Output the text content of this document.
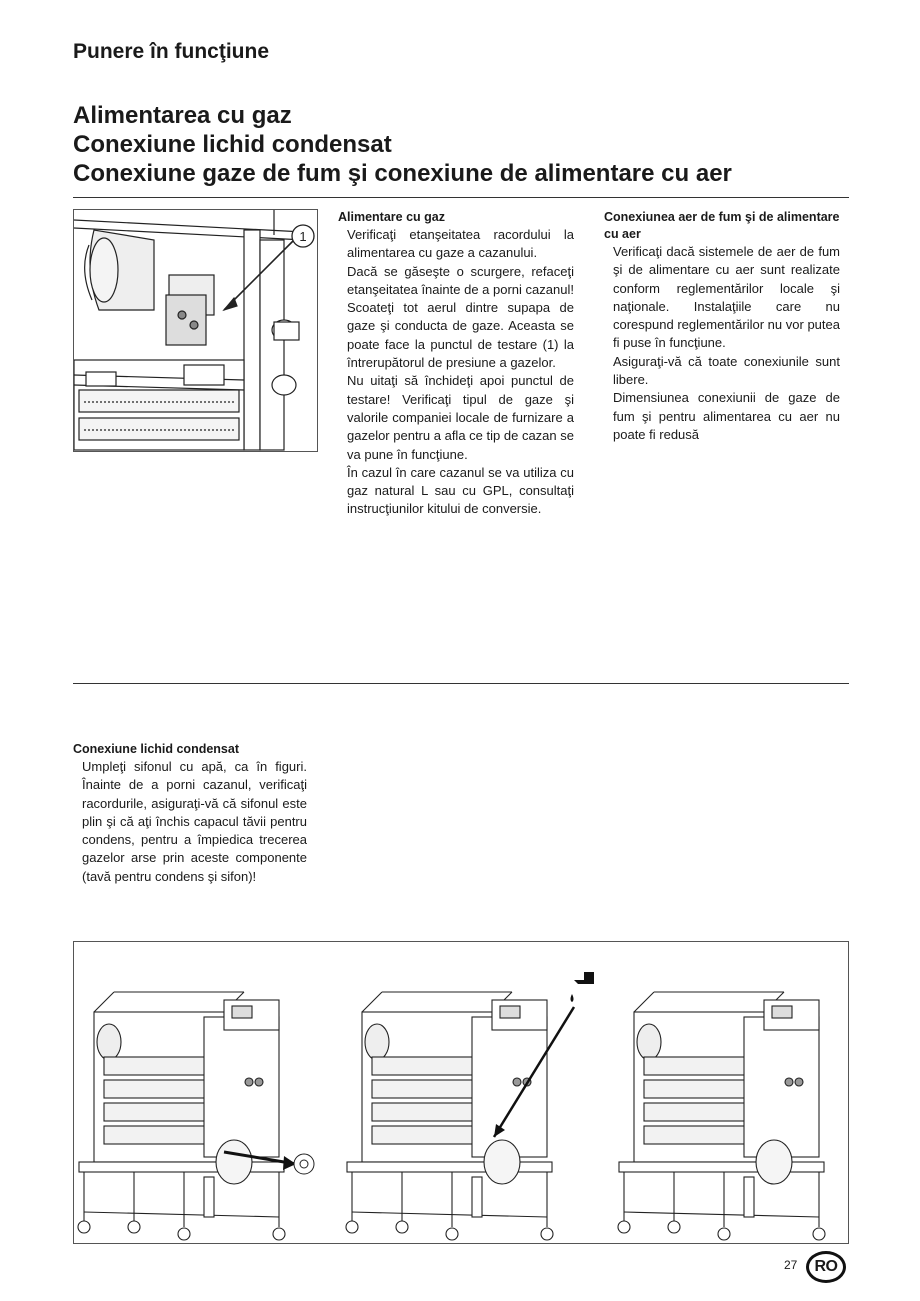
Punere în funcţiune
Alimentarea cu gaz
Conexiune lichid condensat
Conexiune gaze de fum şi conexiune de alimentare cu aer
1
Alimentare cu gaz

Verificaţi etanşeitatea racordului la alimentarea cu gaze a cazanului.

Dacă se găseşte o scurgere, refaceţi etanşeitatea înainte de a porni cazanul!

Scoateţi tot aerul dintre supapa de gaze şi conducta de gaze. Aceasta se poate face la punctul de testare (1) la întrerupătorul de presiune a gazelor.

Nu uitaţi să închideţi apoi punctul de testare! Verificaţi tipul de gaze şi valorile companiei locale de furnizare a gazelor pentru a afla ce tip de cazan se va pune în funcţiune.

În cazul în care cazanul se va utiliza cu gaz natural L sau cu GPL, consultaţi instrucţiunilor kitului de conversie.

Conexiunea aer de fum şi de alimentare cu aer

Verificaţi dacă sistemele de aer de fum şi de alimentare cu aer sunt realizate conform reglementărilor locale şi naţionale. Instalaţiile care nu corespund reglementărilor nu vor putea fi puse în funcţiune.

Asiguraţi-vă că toate conexiunile sunt libere.

Dimensiunea conexiunii de gaze de fum şi pentru alimentarea cu aer nu poate fi redusă

Conexiune lichid condensat

Umpleţi sifonul cu apă, ca în figuri. Înainte de a porni cazanul, verificaţi racordurile, asiguraţi-vă că sifonul este plin şi că aţi închis capacul tăvii pentru condens, pentru a împiedica trecerea gazelor arse prin aceste componente (tavă pentru condens şi sifon)!

27	RO
